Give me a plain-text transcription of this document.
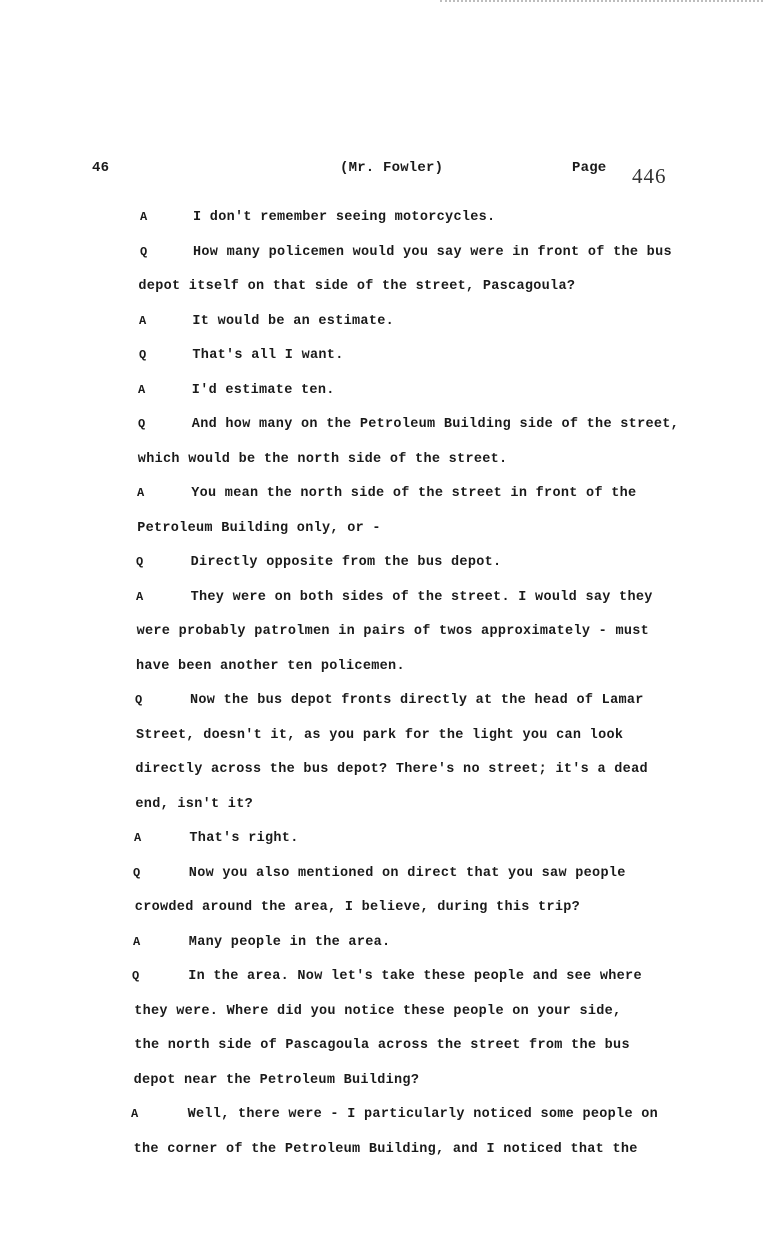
46	(Mr. Fowler)	Page 446
A	I don't remember seeing motorcycles.
Q	How many policemen would you say were in front of the bus
depot itself on that side of the street, Pascagoula?
A	It would be an estimate.
Q	That's all I want.
A	I'd estimate ten.
Q	And how many on the Petroleum Building side of the street,
which would be the north side of the street.
A	You mean the north side of the street in front of the
Petroleum Building only, or -
Q	Directly opposite from the bus depot.
A	They were on both sides of the street. I would say they
were probably patrolmen in pairs of twos approximately - must
have been another ten policemen.
Q	Now the bus depot fronts directly at the head of Lamar
Street, doesn't it, as you park for the light you can look
directly across the bus depot? There's no street; it's a dead
end, isn't it?
A	That's right.
Q	Now you also mentioned on direct that you saw people
crowded around the area, I believe, during this trip?
A	Many people in the area.
Q	In the area. Now let's take these people and see where
they were. Where did you notice these people on your side,
the north side of Pascagoula across the street from the bus
depot near the Petroleum Building?
A	Well, there were - I particularly noticed some people on
the corner of the Petroleum Building, and I noticed that the
